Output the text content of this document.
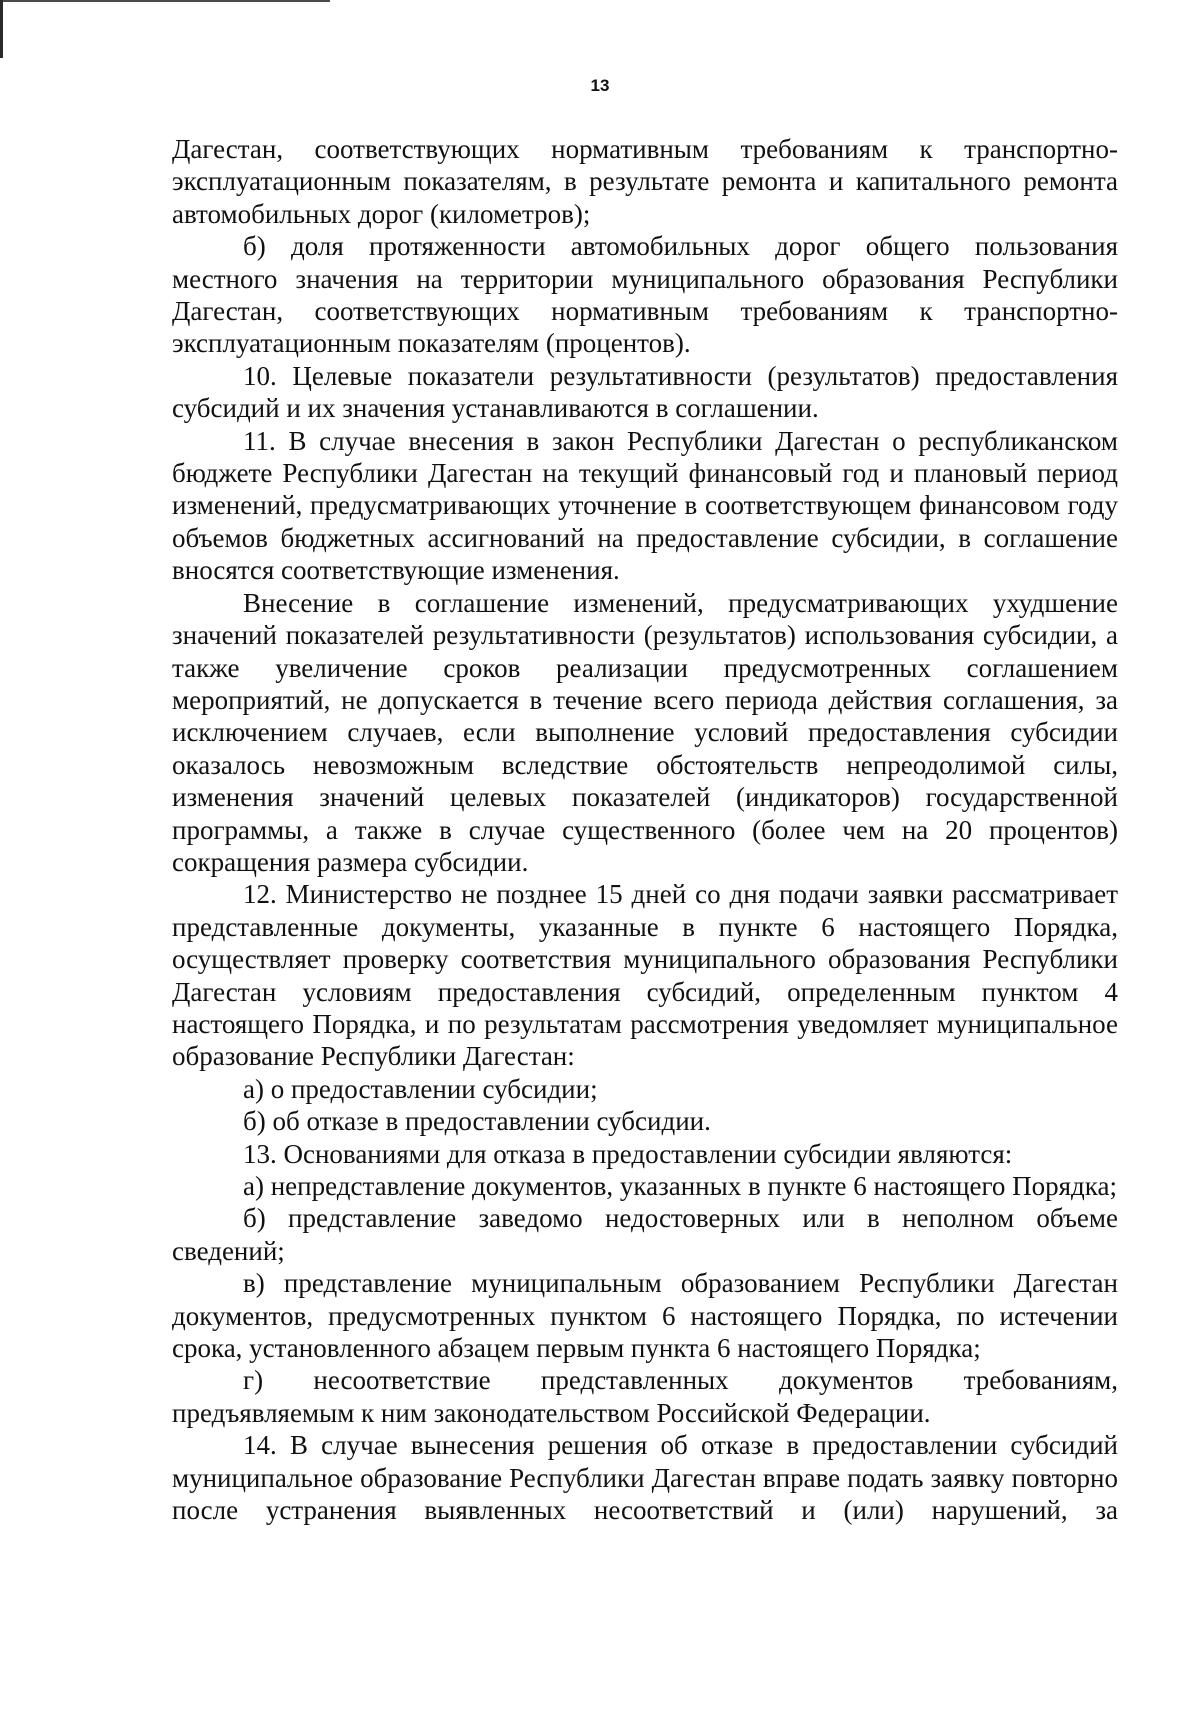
13

Дагестан, соответствующих нормативным требованиям к транспортно-эксплуатационным показателям, в результате ремонта и капитального ремонта автомобильных дорог (километров);

б) доля протяженности автомобильных дорог общего пользования местного значения на территории муниципального образования Республики Дагестан, соответствующих нормативным требованиям к транспортно-эксплуатационным показателям (процентов).

10. Целевые показатели результативности (результатов) предоставления субсидий и их значения устанавливаются в соглашении.

11. В случае внесения в закон Республики Дагестан о республиканском бюджете Республики Дагестан на текущий финансовый год и плановый период изменений, предусматривающих уточнение в соответствующем финансовом году объемов бюджетных ассигнований на предоставление субсидии, в соглашение вносятся соответствующие изменения.

Внесение в соглашение изменений, предусматривающих ухудшение значений показателей результативности (результатов) использования субсидии, а также увеличение сроков реализации предусмотренных соглашением мероприятий, не допускается в течение всего периода действия соглашения, за исключением случаев, если выполнение условий предоставления субсидии оказалось невозможным вследствие обстоятельств непреодолимой силы, изменения значений целевых показателей (индикаторов) государственной программы, а также в случае существенного (более чем на 20 процентов) сокращения размера субсидии.

12. Министерство не позднее 15 дней со дня подачи заявки рассматривает представленные документы, указанные в пункте 6 настоящего Порядка, осуществляет проверку соответствия муниципального образования Республики Дагестан условиям предоставления субсидий, определенным пунктом 4 настоящего Порядка, и по результатам рассмотрения уведомляет муниципальное образование Республики Дагестан:

а) о предоставлении субсидии;

б) об отказе в предоставлении субсидии.

13. Основаниями для отказа в предоставлении субсидии являются:

а) непредставление документов, указанных в пункте 6 настоящего Порядка;

б) представление заведомо недостоверных или в неполном объеме сведений;

в) представление муниципальным образованием Республики Дагестан документов, предусмотренных пунктом 6 настоящего Порядка, по истечении срока, установленного абзацем первым пункта 6 настоящего Порядка;

г) несоответствие представленных документов требованиям, предъявляемым к ним законодательством Российской Федерации.

14. В случае вынесения решения об отказе в предоставлении субсидий муниципальное образование Республики Дагестан вправе подать заявку повторно после устранения выявленных несоответствий и (или) нарушений, за
